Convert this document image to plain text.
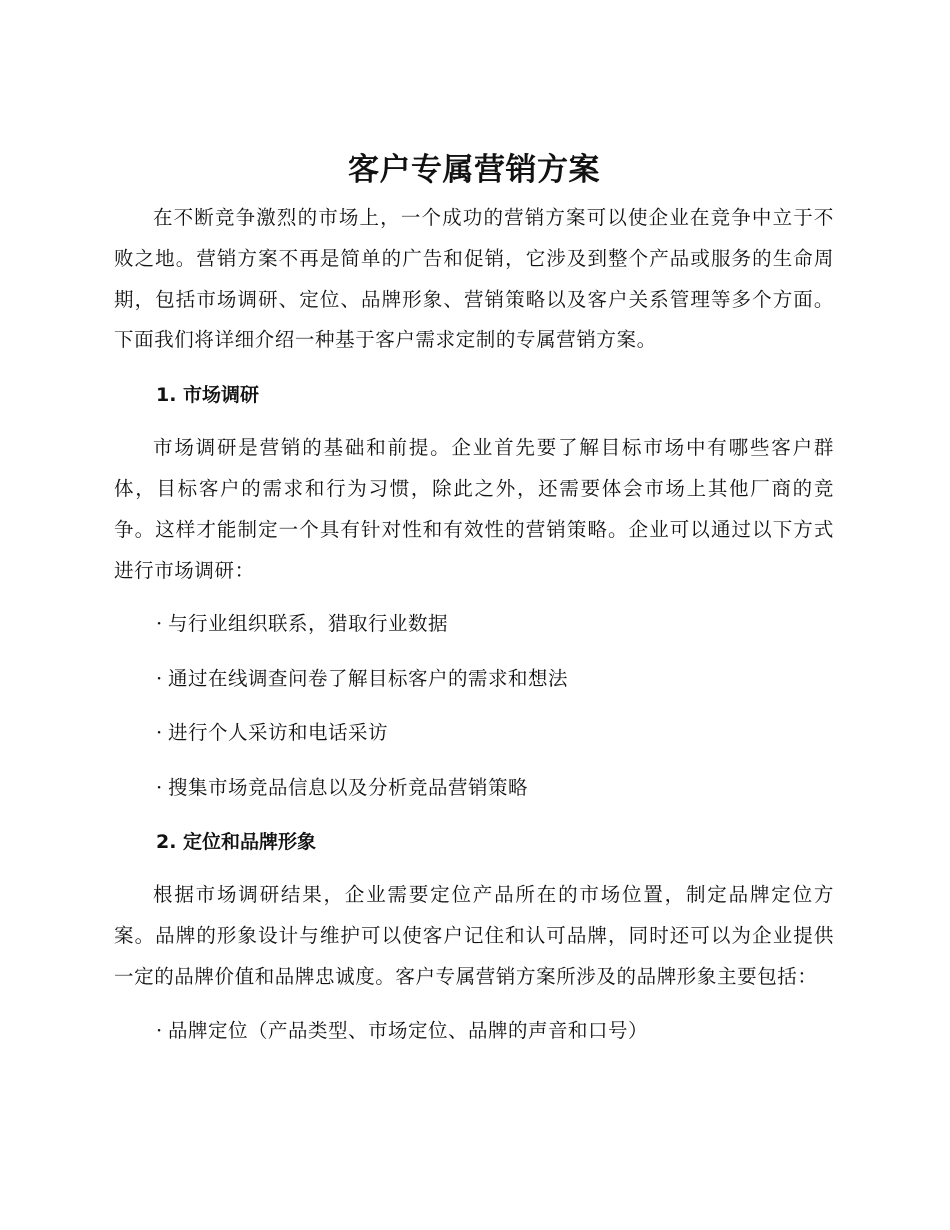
客户专属营销方案

在不断竞争激烈的市场上，一个成功的营销方案可以使企业在竞争中立于不败之地。营销方案不再是简单的广告和促销，它涉及到整个产品或服务的生命周期，包括市场调研、定位、品牌形象、营销策略以及客户关系管理等多个方面。下面我们将详细介绍一种基于客户需求定制的专属营销方案。

1. 市场调研

市场调研是营销的基础和前提。企业首先要了解目标市场中有哪些客户群体，目标客户的需求和行为习惯，除此之外，还需要体会市场上其他厂商的竞争。这样才能制定一个具有针对性和有效性的营销策略。企业可以通过以下方式进行市场调研：

· 与行业组织联系，猎取行业数据
· 通过在线调查问卷了解目标客户的需求和想法
· 进行个人采访和电话采访
· 搜集市场竞品信息以及分析竞品营销策略
2. 定位和品牌形象

根据市场调研结果，企业需要定位产品所在的市场位置，制定品牌定位方案。品牌的形象设计与维护可以使客户记住和认可品牌，同时还可以为企业提供一定的品牌价值和品牌忠诚度。客户专属营销方案所涉及的品牌形象主要包括：

· 品牌定位（产品类型、市场定位、品牌的声音和口号）
